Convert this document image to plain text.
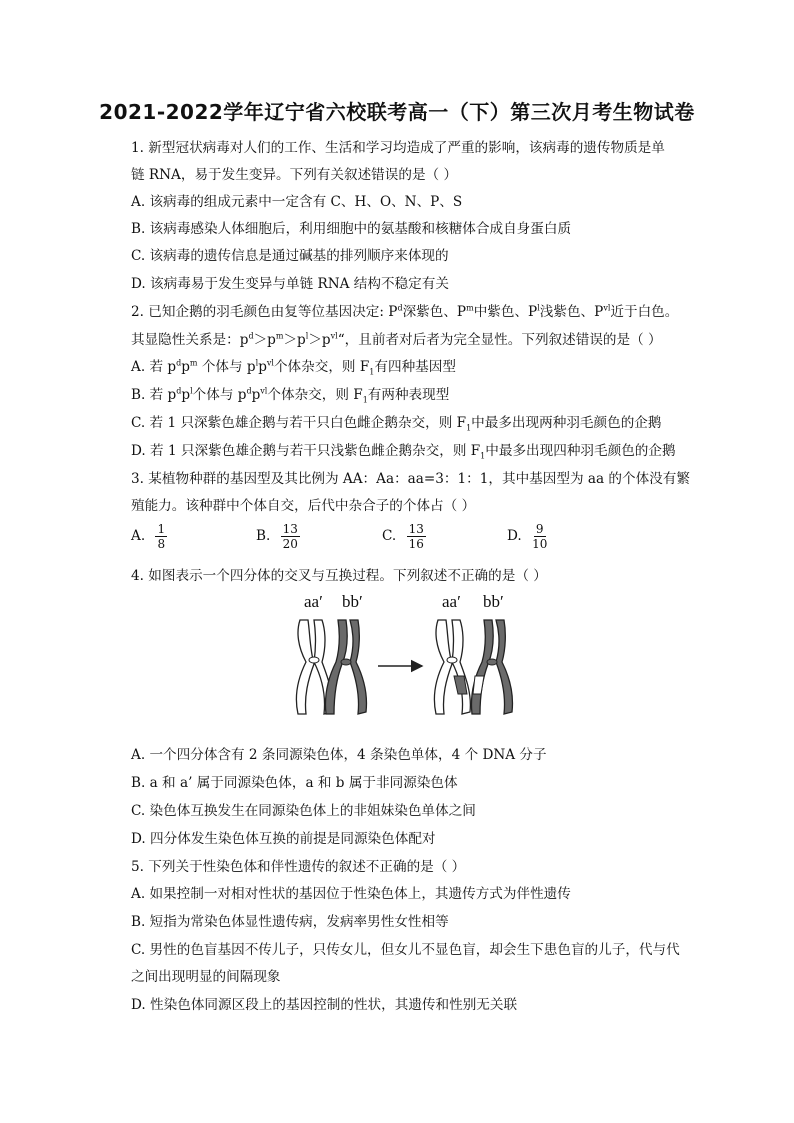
2021-2022学年辽宁省六校联考高一（下）第三次月考生物试卷
1. 新型冠状病毒对人们的工作、生活和学习均造成了严重的影响，该病毒的遗传物质是单
链 RNA，易于发生变异。下列有关叙述错误的是（ ）
A. 该病毒的组成元素中一定含有 C、H、O、N、P、S
B. 该病毒感染人体细胞后，利用细胞中的氨基酸和核糖体合成自身蛋白质
C. 该病毒的遗传信息是通过碱基的排列顺序来体现的
D. 该病毒易于发生变异与单链 RNA 结构不稳定有关
2. 已知企鹅的羽毛颜色由复等位基因决定: $P^d$深紫色、$P^m$中紫色、$P^l$浅紫色、$P^{vl}$近于白色。
其显隐性关系是：$p^d>p^m>p^l>p^{vl}“$，且前者对后者为完全显性。下列叙述错误的是（ ）
A. 若 $p^dp^m$ 个体与 $p^lp^{vl}$个体杂交，则 $F_1$有四种基因型
B. 若 $p^dp^l$个体与 $p^dp^{vl}$个体杂交，则 $F_1$有两种表现型
C. 若 1 只深紫色雄企鹅与若干只白色雌企鹅杂交，则 $F_1$中最多出现两种羽毛颜色的企鹅
D. 若 1 只深紫色雄企鹅与若干只浅紫色雌企鹅杂交，则 $F_1$中最多出现四种羽毛颜色的企鹅
3. 某植物种群的基因型及其比例为 AA：Aa：aa=3：1：1，其中基因型为 aa 的个体没有繁
殖能力。该种群中个体自交，后代中杂合子的个体占（ ）
A. $\frac{1}{8}$	B. $\frac{13}{20}$	C. $\frac{13}{16}$	D. $\frac{9}{10}$
4. 如图表示一个四分体的交叉与互换过程。下列叙述不正确的是（ ）
aa′ bb′	aa′ bb′
A. 一个四分体含有 2 条同源染色体，4 条染色单体，4 个 DNA 分子
B. a 和 a’ 属于同源染色体，a 和 b 属于非同源染色体
C. 染色体互换发生在同源染色体上的非姐妹染色单体之间
D. 四分体发生染色体互换的前提是同源染色体配对
5. 下列关于性染色体和伴性遗传的叙述不正确的是（ ）
A. 如果控制一对相对性状的基因位于性染色体上，其遗传方式为伴性遗传
B. 短指为常染色体显性遗传病，发病率男性女性相等
C. 男性的色盲基因不传儿子，只传女儿，但女儿不显色盲，却会生下患色盲的儿子，代与代
之间出现明显的间隔现象
D. 性染色体同源区段上的基因控制的性状，其遗传和性别无关联
